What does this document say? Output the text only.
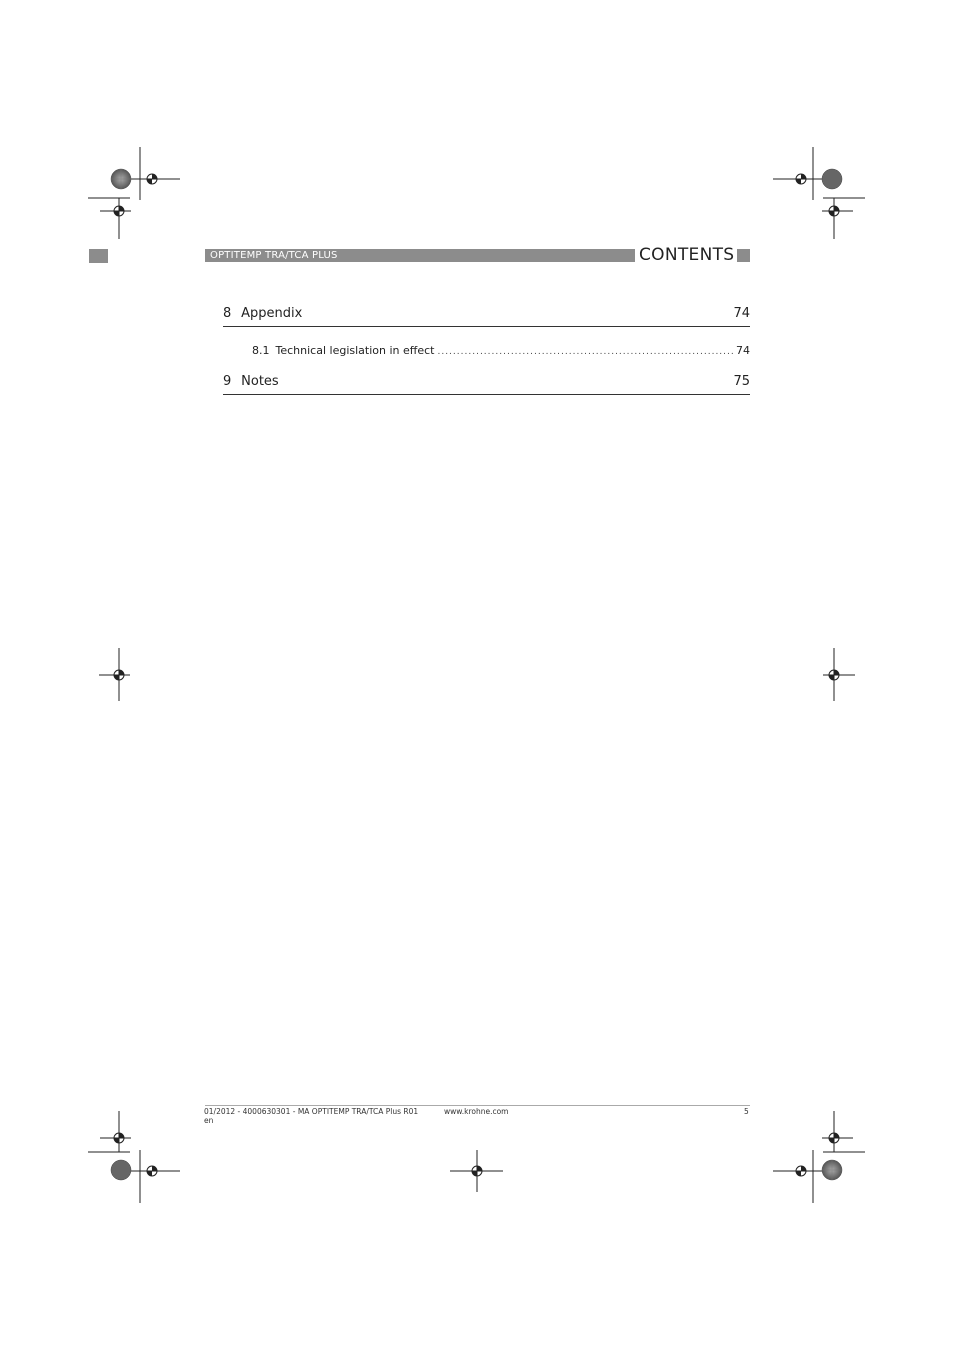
OPTITEMP TRA/TCA PLUS	CONTENTS
8 Appendix	74
8.1 Technical legislation in effect .....	74
9 Notes	75
01/2012 - 4000630301 - MA OPTITEMP TRA/TCA Plus R01
en
www.krohne.com	5
